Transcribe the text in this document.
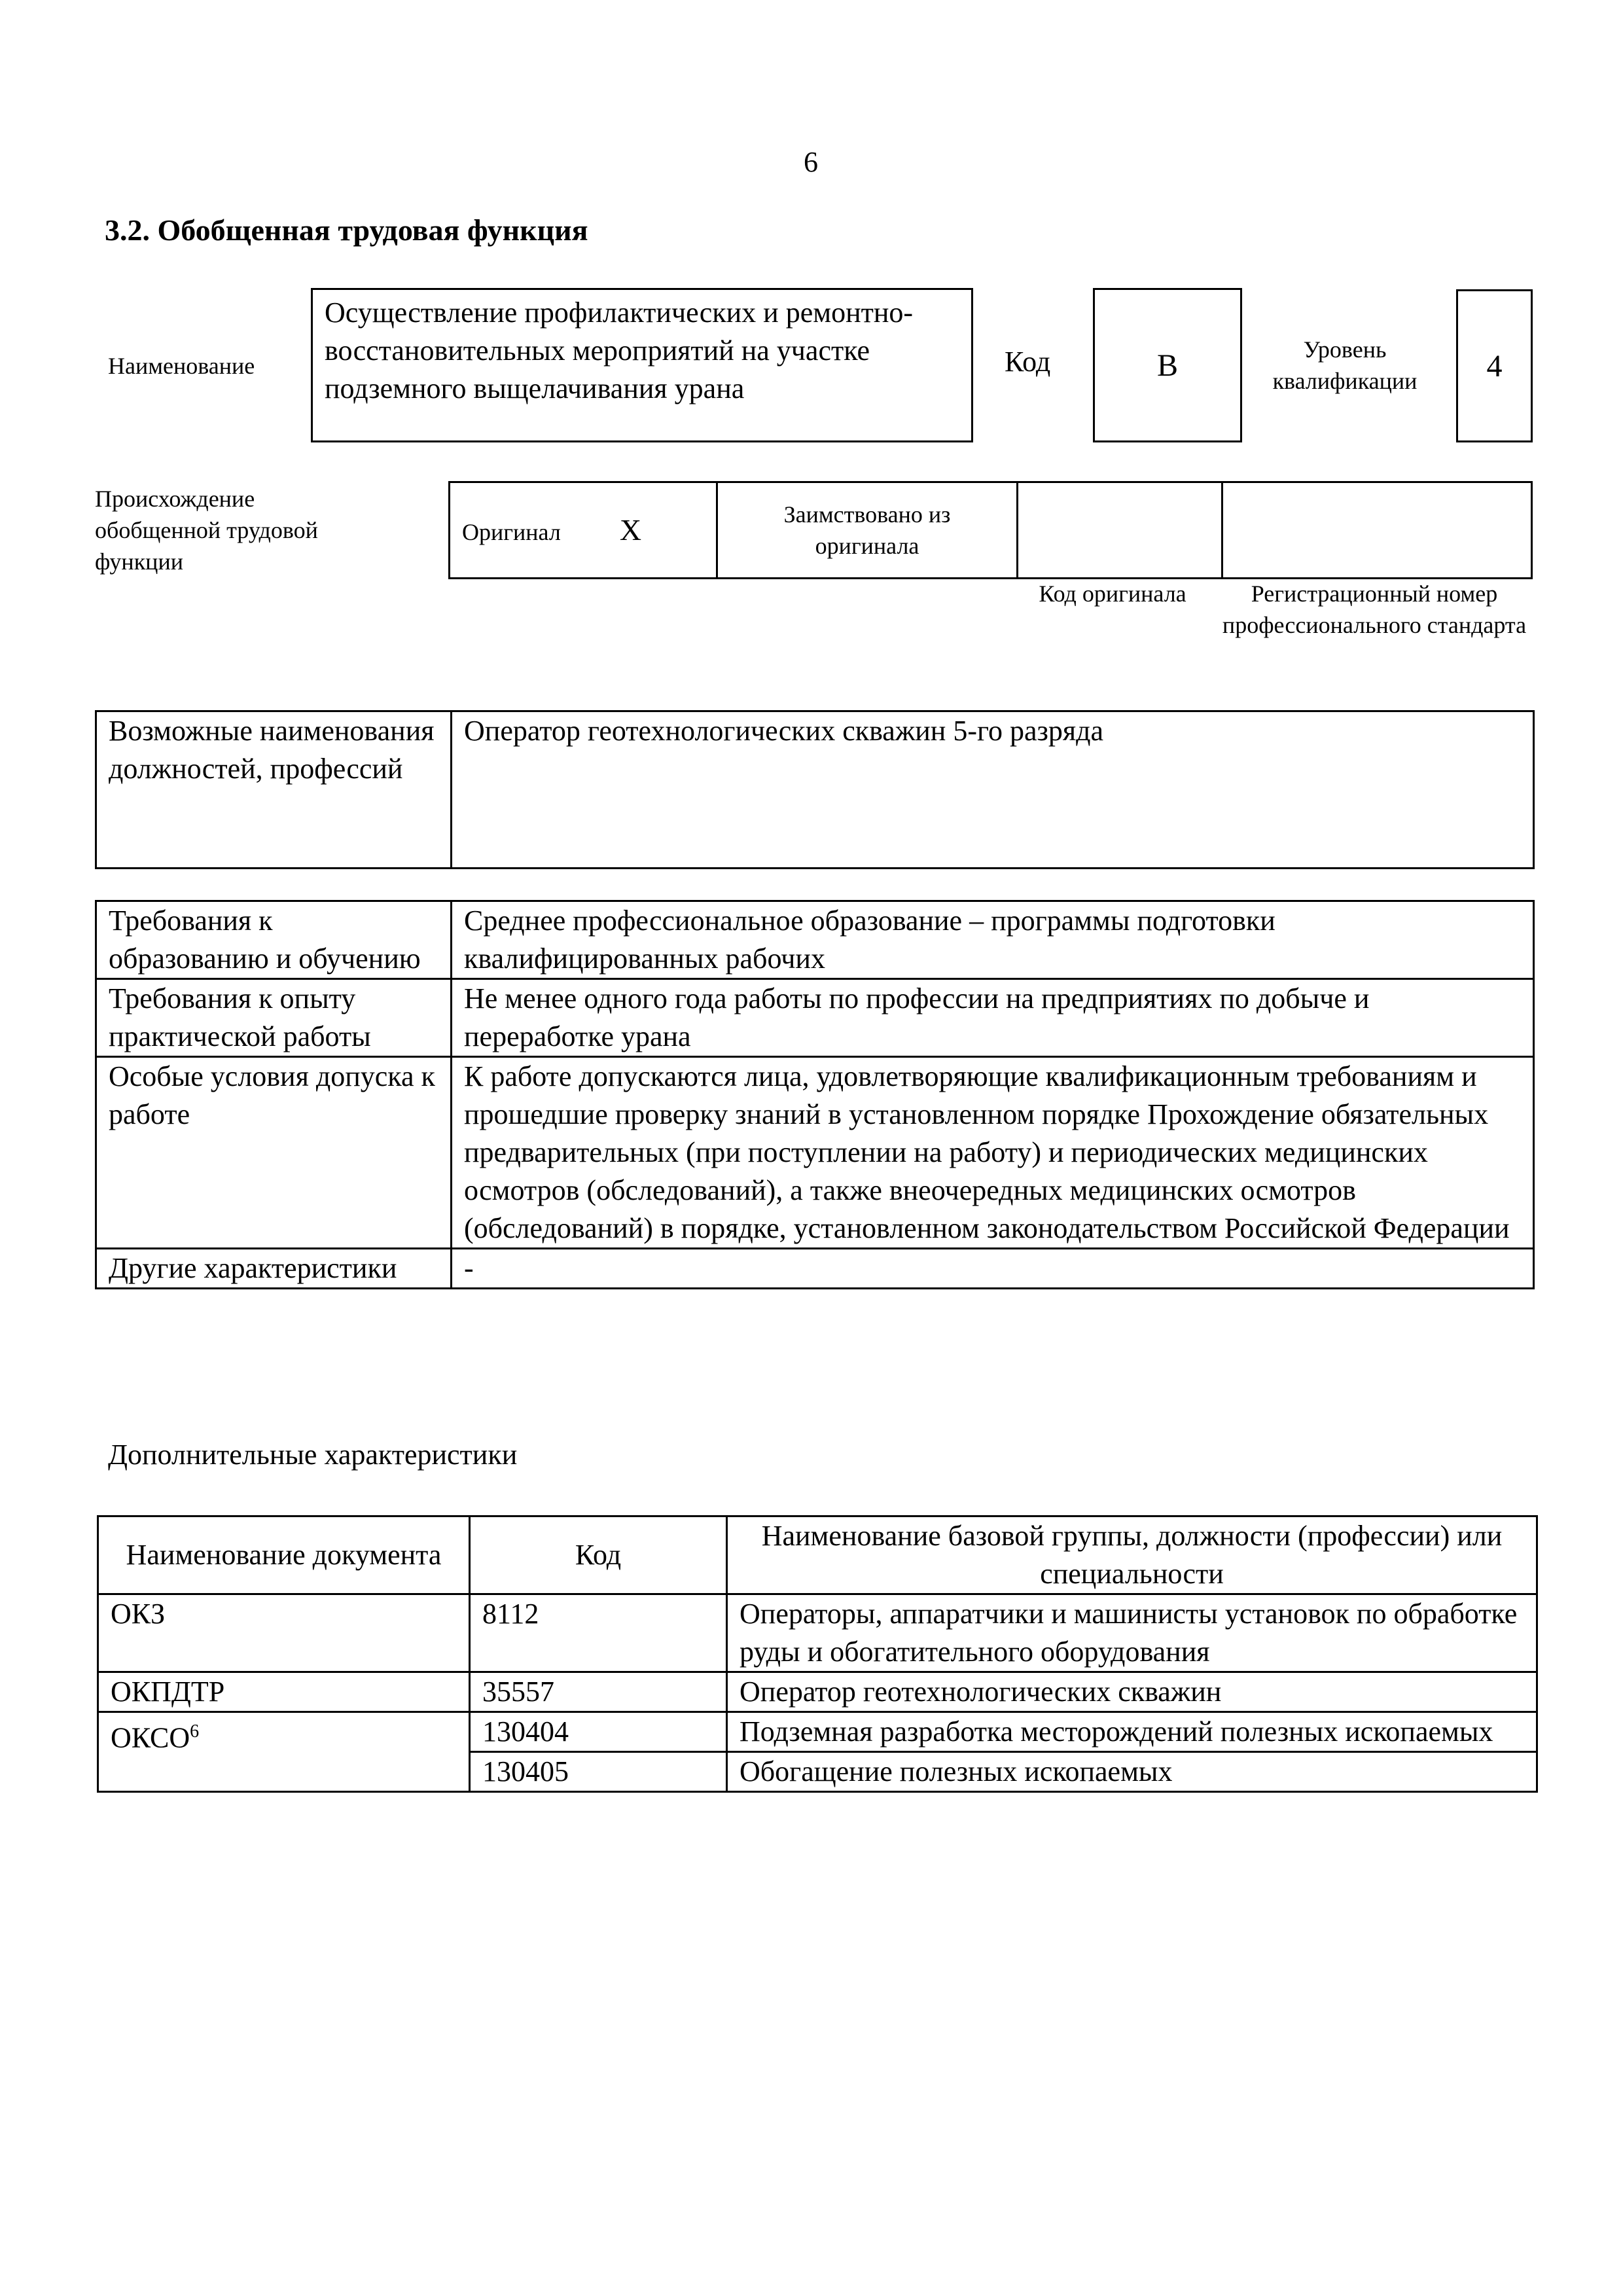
6
3.2. Обобщенная трудовая функция
Наименование
Осуществление профилактических и ремонтно-восстановительных мероприятий на участке подземного выщелачивания урана
Код	B	Уровень квалификации	4
Происхождение обобщенной трудовой функции
Оригинал X	Заимствовано из оригинала		
Код оригинала	Регистрационный номер профессионального стандарта
Возможные наименования должностей, профессий	Оператор геотехнологических скважин 5-го разряда
Требования к образованию и обучению	Среднее профессиональное образование – программы подготовки квалифицированных рабочих
Требования к опыту практической работы	Не менее одного года работы по профессии на предприятиях по добыче и переработке урана
Особые условия допуска к работе	К работе допускаются лица, удовлетворяющие квалификационным требованиям и прошедшие проверку знаний в установленном порядке Прохождение обязательных предварительных (при поступлении на работу) и периодических медицинских осмотров (обследований), а также внеочередных медицинских осмотров (обследований) в порядке, установленном законодательством Российской Федерации
Другие характеристики	-
Дополнительные характеристики
Наименование документа	Код	Наименование базовой группы, должности (профессии) или специальности
ОКЗ	8112	Операторы, аппаратчики и машинисты установок по обработке руды и обогатительного оборудования
ОКПДТР	35557	Оператор геотехнологических скважин
ОКСО$^6$	130404	Подземная разработка месторождений полезных ископаемых
	130405	Обогащение полезных ископаемых
